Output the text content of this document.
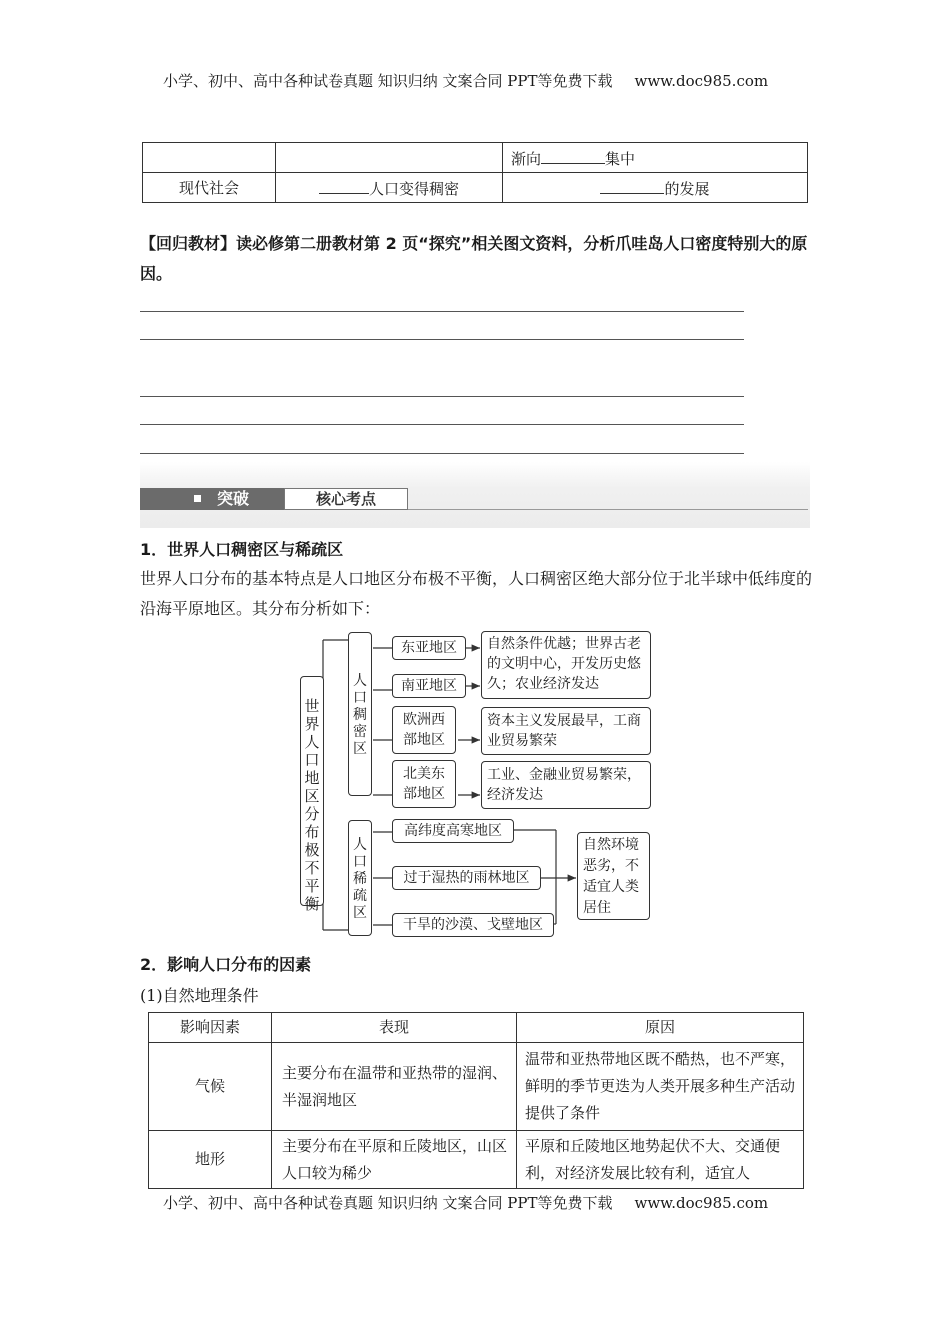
小学、初中、高中各种试卷真题 知识归纳 文案合同 PPT等免费下载 www.doc985.com
		渐向 集中
现代社会	人口变得稠密	的发展
【回归教材】读必修第二册教材第 2 页“探究”相关图文资料，分析爪哇岛人口密度特别大的原因。
突破	核心考点
1．世界人口稠密区与稀疏区
世界人口分布的基本特点是人口地区分布极不平衡，人口稠密区绝大部分位于北半球中低纬度的沿海平原地区。其分布分析如下：
世界人口地区分布极不平衡
人口稠密区
人口稀疏区
东亚地区
南亚地区
欧洲西部地区
北美东部地区
自然条件优越；世界古老的文明中心，开发历史悠久；农业经济发达
资本主义发展最早，工商业贸易繁荣
工业、金融业贸易繁荣，经济发达
高纬度高寒地区
过于湿热的雨林地区
干旱的沙漠、戈壁地区
自然环境恶劣，不适宜人类居住
2．影响人口分布的因素
(1)自然地理条件
影响因素	表现	原因
气候	主要分布在温带和亚热带的湿润、半湿润地区	温带和亚热带地区既不酷热，也不严寒，鲜明的季节更迭为人类开展多种生产活动提供了条件
地形	主要分布在平原和丘陵地区，山区人口较为稀少	平原和丘陵地区地势起伏不大、交通便利，对经济发展比较有利，适宜人
小学、初中、高中各种试卷真题 知识归纳 文案合同 PPT等免费下载 www.doc985.com
